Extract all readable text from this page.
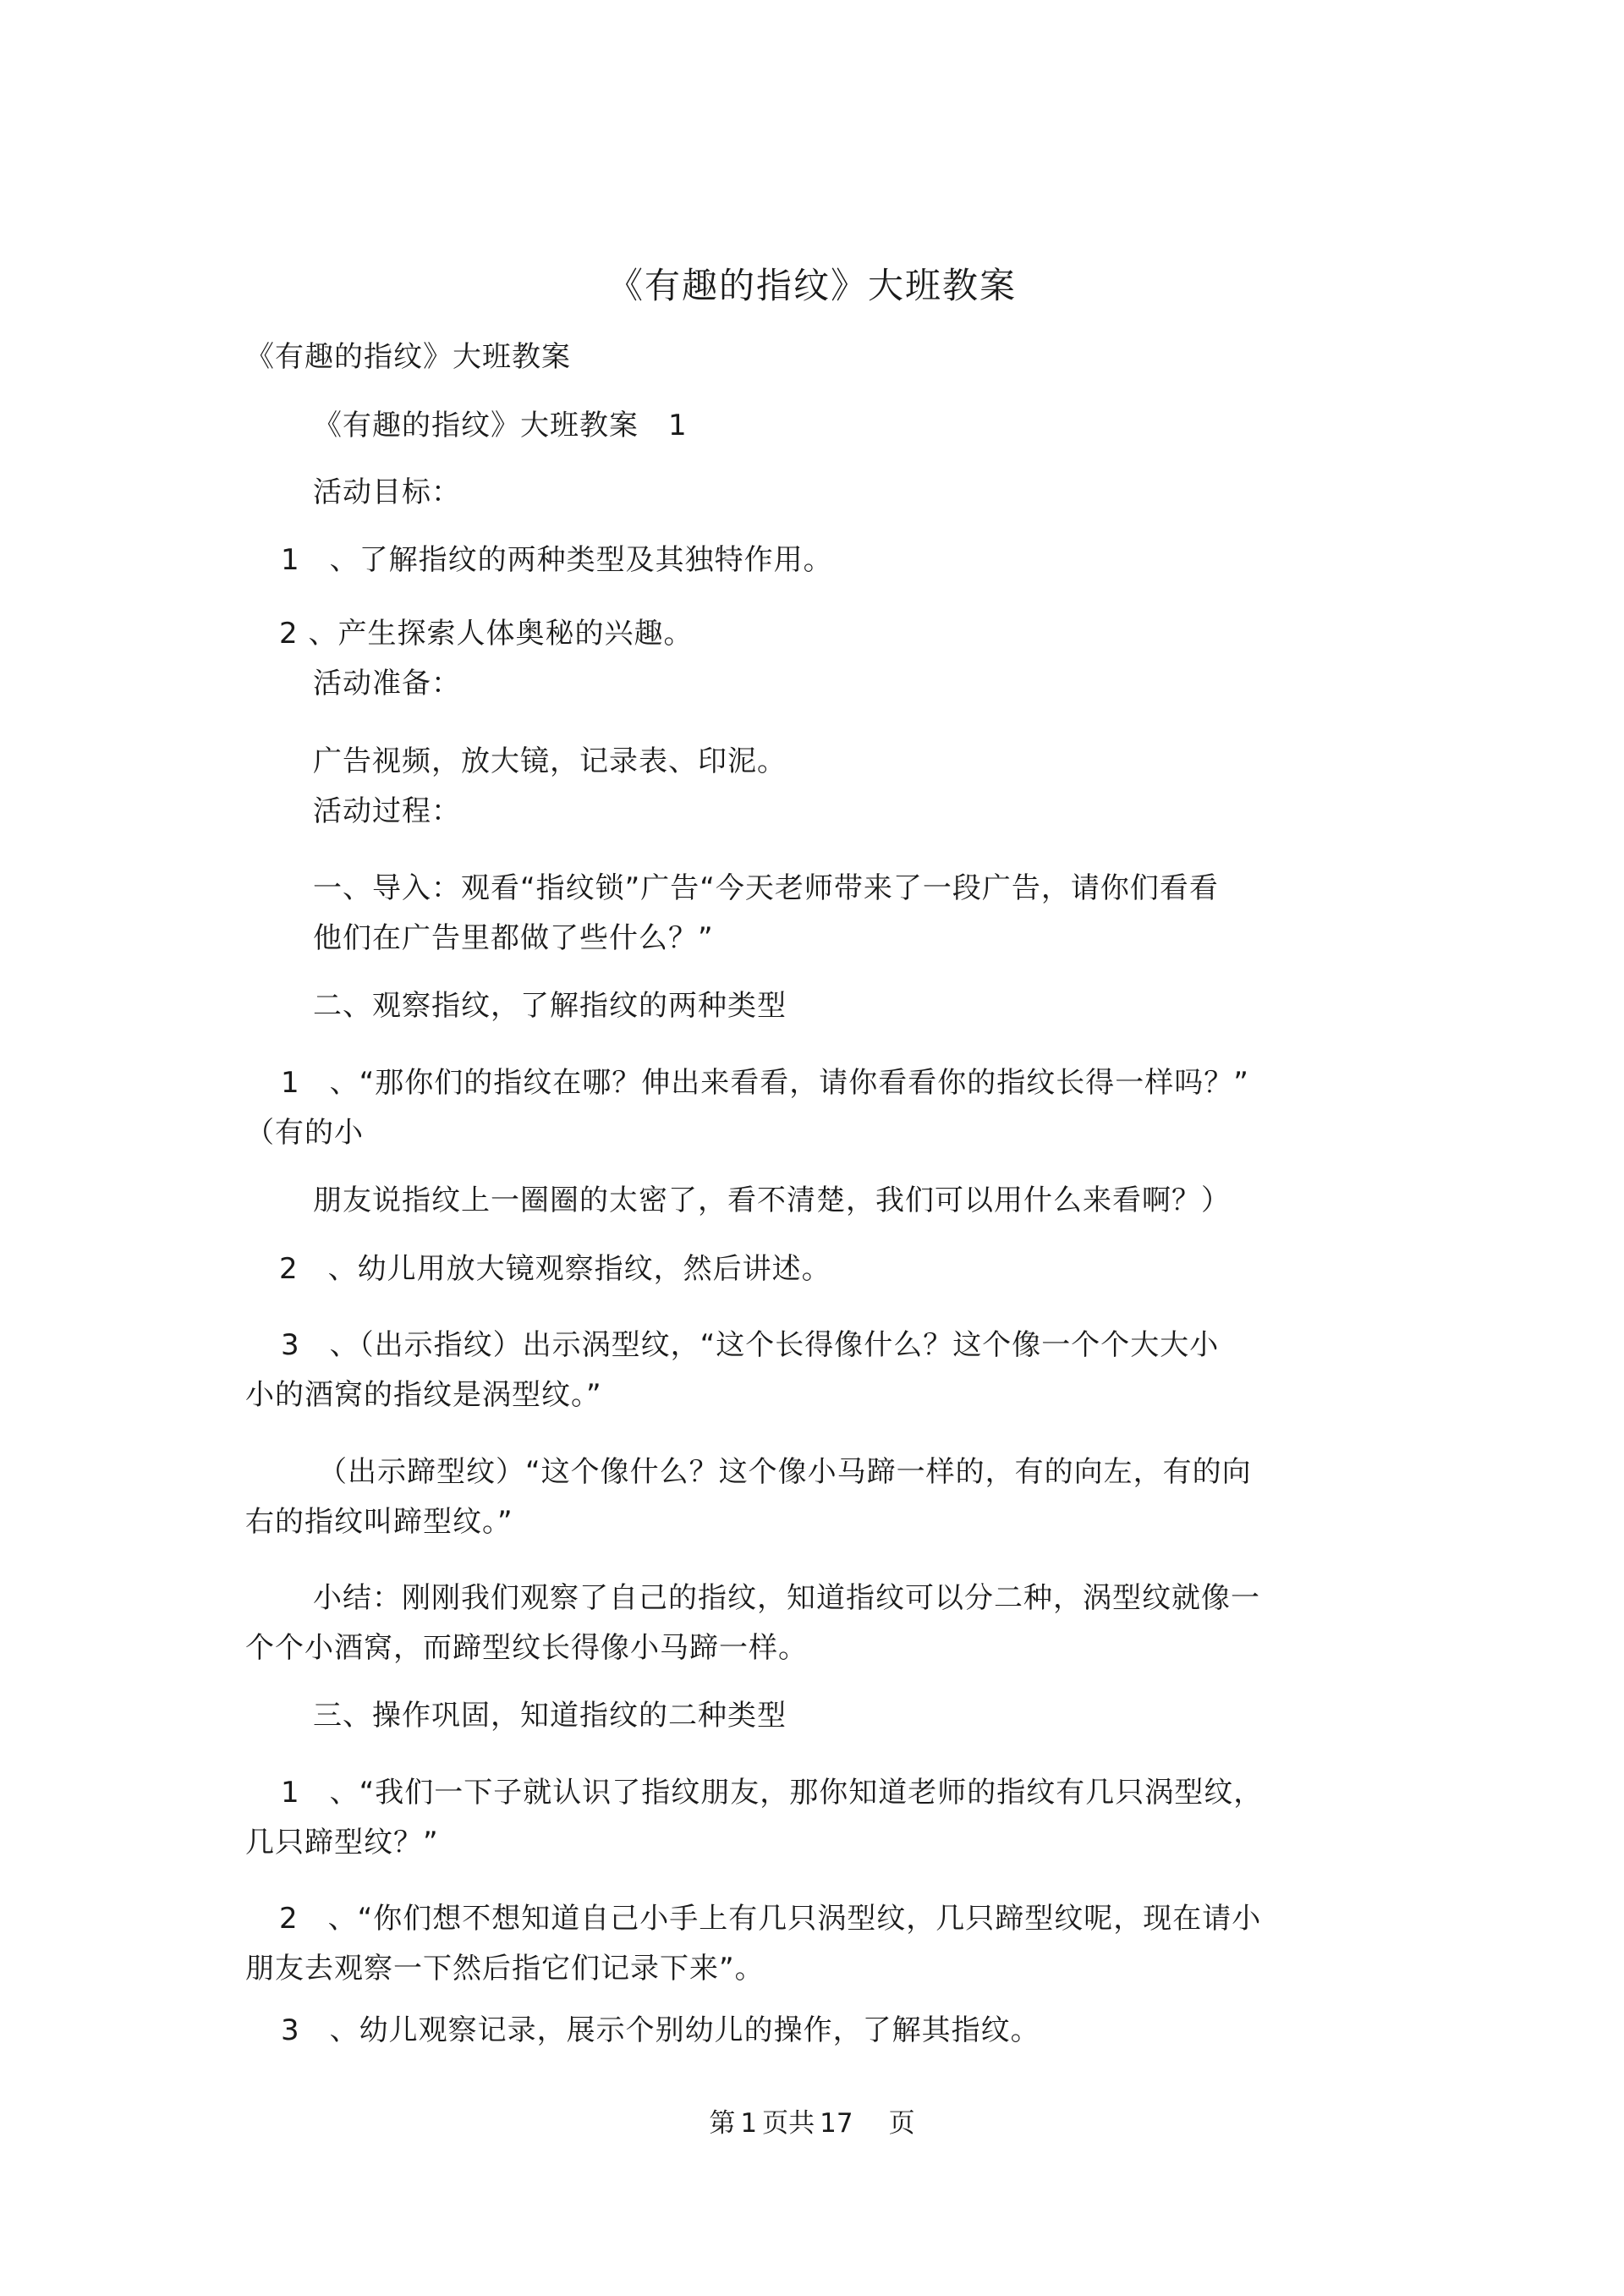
《有趣的指纹》大班教案
《有趣的指纹》大班教案
《有趣的指纹》大班教案　1
活动目标：
1　、了解指纹的两种类型及其独特作用。
2 、产生探索人体奥秘的兴趣。
活动准备：
广告视频，放大镜，记录表、印泥。
活动过程：
一、导入：观看“指纹锁”广告“今天老师带来了一段广告，请你们看看
他们在广告里都做了些什么？”
二、观察指纹，了解指纹的两种类型
1　、“那你们的指纹在哪？伸出来看看，请你看看你的指纹长得一样吗？”
（有的小
朋友说指纹上一圈圈的太密了，看不清楚，我们可以用什么来看啊？）
2　、幼儿用放大镜观察指纹，然后讲述。
3　、（出示指纹）出示涡型纹，“这个长得像什么？这个像一个个大大小
小的酒窝的指纹是涡型纹。”
（出示蹄型纹）“这个像什么？这个像小马蹄一样的，有的向左，有的向
右的指纹叫蹄型纹。”
小结：刚刚我们观察了自己的指纹，知道指纹可以分二种，涡型纹就像一
个个小酒窝，而蹄型纹长得像小马蹄一样。
三、操作巩固，知道指纹的二种类型
1　、“我们一下子就认识了指纹朋友，那你知道老师的指纹有几只涡型纹，
几只蹄型纹？”
2　、“你们想不想知道自己小手上有几只涡型纹，几只蹄型纹呢，现在请小
朋友去观察一下然后指它们记录下来”。
3　、幼儿观察记录，展示个别幼儿的操作，了解其指纹。
第 1 页共 17 页
